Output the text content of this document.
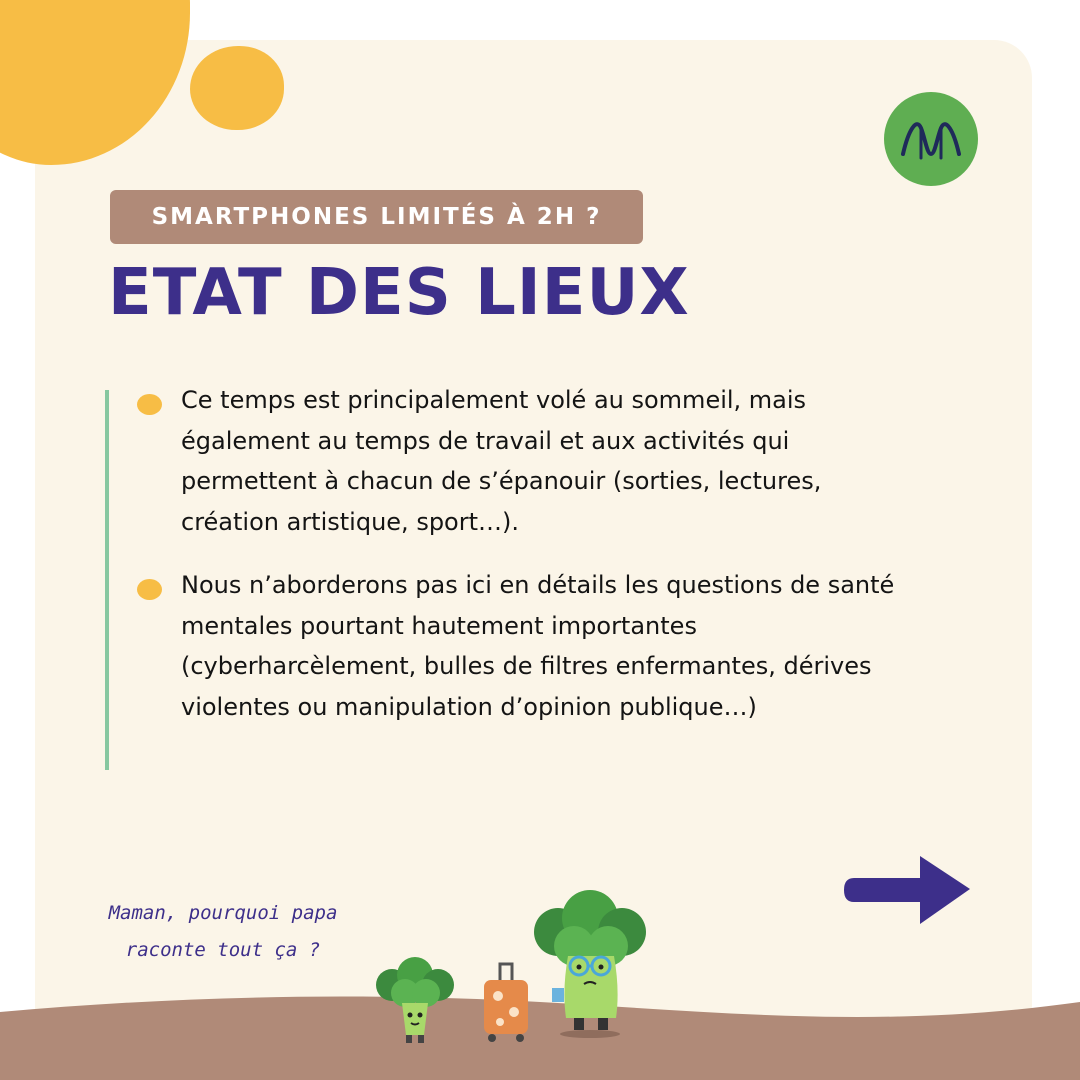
SMARTPHONES LIMITÉS À 2H ?
ETAT DES LIEUX
Ce temps est principalement volé au sommeil, mais également au temps de travail et aux activités qui permettent à chacun de s’épanouir (sorties, lectures, création artistique, sport…).
Nous n’aborderons pas ici en détails les questions de santé mentales pourtant hautement importantes (cyberharcèlement, bulles de filtres enfermantes, dérives violentes ou manipulation d’opinion publique…)
Maman, pourquoi papa
raconte tout ça ?
